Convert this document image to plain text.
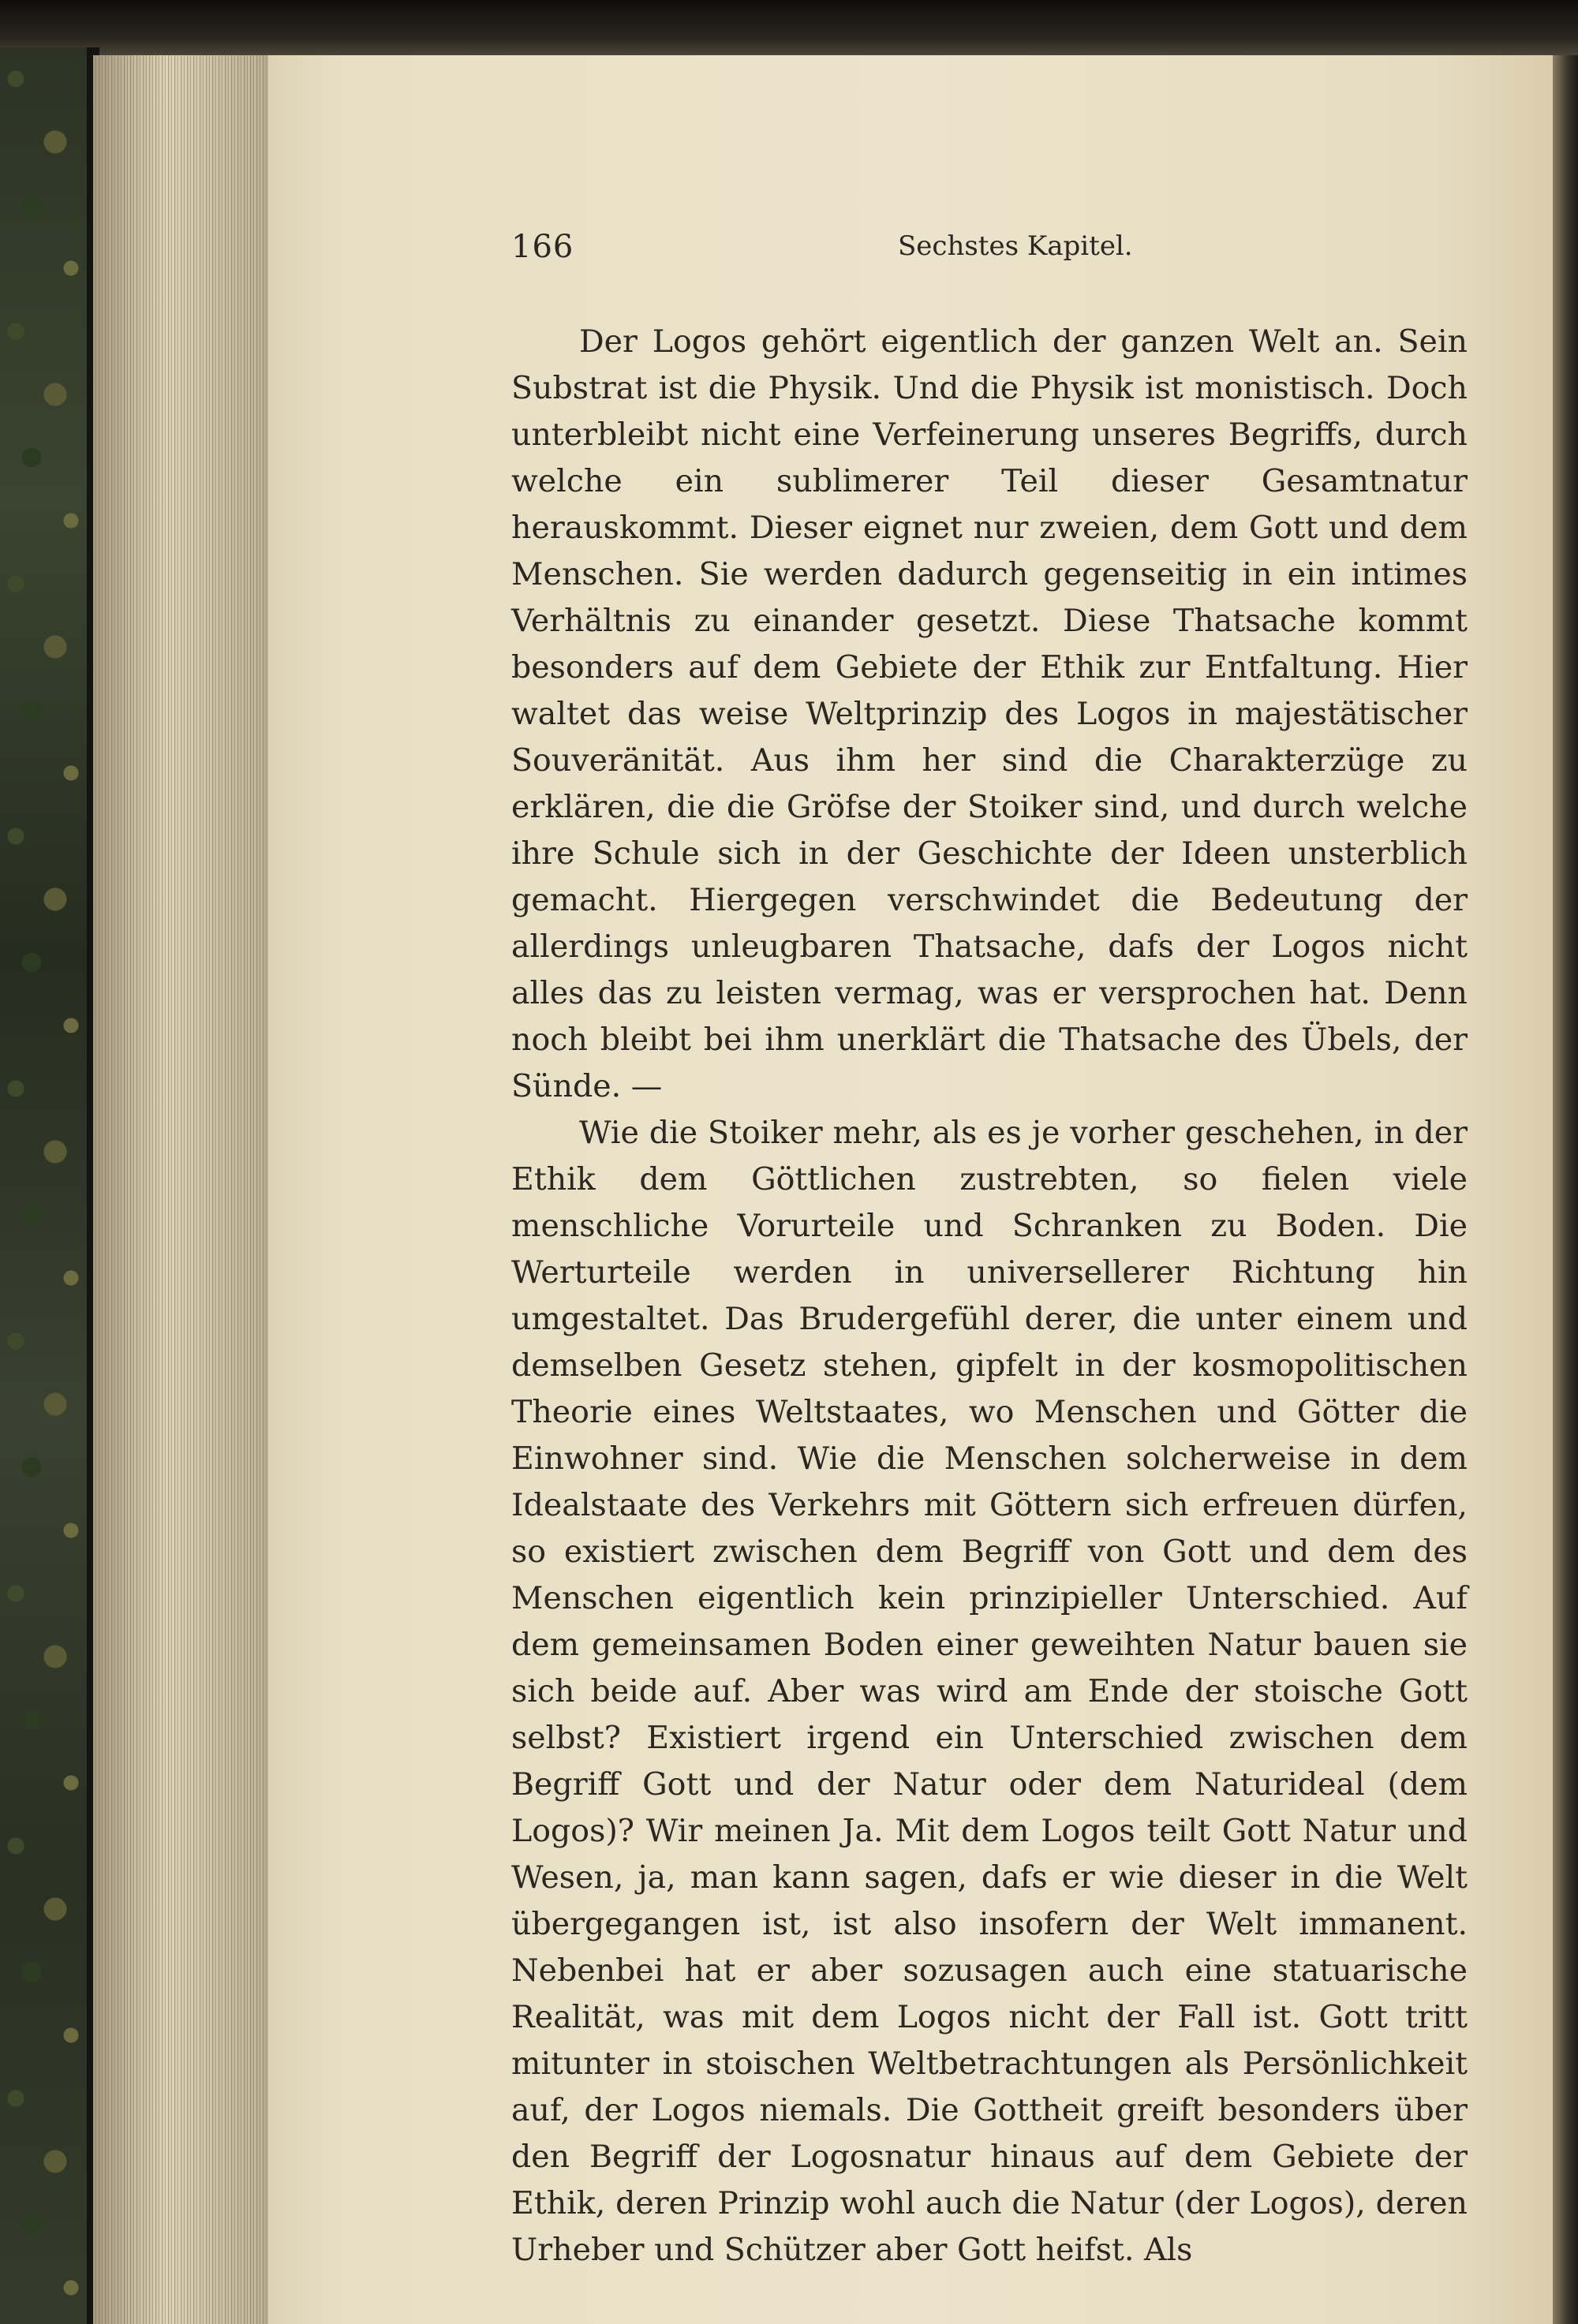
166	Sechstes Kapitel.

Der Logos gehört eigentlich der ganzen Welt an. Sein Substrat ist die Physik. Und die Physik ist monistisch. Doch unterbleibt nicht eine Verfeinerung unseres Begriffs, durch welche ein sublimerer Teil dieser Gesamtnatur herauskommt. Dieser eignet nur zweien, dem Gott und dem Menschen. Sie werden dadurch gegenseitig in ein intimes Verhältnis zu einander gesetzt. Diese Thatsache kommt besonders auf dem Gebiete der Ethik zur Entfaltung. Hier waltet das weise Weltprinzip des Logos in majestätischer Souveränität. Aus ihm her sind die Charakterzüge zu erklären, die die Gröfse der Stoiker sind, und durch welche ihre Schule sich in der Geschichte der Ideen unsterblich gemacht. Hiergegen verschwindet die Bedeutung der allerdings unleugbaren Thatsache, dafs der Logos nicht alles das zu leisten vermag, was er versprochen hat. Denn noch bleibt bei ihm unerklärt die Thatsache des Übels, der Sünde. —

Wie die Stoiker mehr, als es je vorher geschehen, in der Ethik dem Göttlichen zustrebten, so fielen viele menschliche Vorurteile und Schranken zu Boden. Die Werturteile werden in universellerer Richtung hin umgestaltet. Das Brudergefühl derer, die unter einem und demselben Gesetz stehen, gipfelt in der kosmopolitischen Theorie eines Weltstaates, wo Menschen und Götter die Einwohner sind. Wie die Menschen solcherweise in dem Idealstaate des Verkehrs mit Göttern sich erfreuen dürfen, so existiert zwischen dem Begriff von Gott und dem des Menschen eigentlich kein prinzipieller Unterschied. Auf dem gemeinsamen Boden einer geweihten Natur bauen sie sich beide auf. Aber was wird am Ende der stoische Gott selbst? Existiert irgend ein Unterschied zwischen dem Begriff Gott und der Natur oder dem Naturideal (dem Logos)? Wir meinen Ja. Mit dem Logos teilt Gott Natur und Wesen, ja, man kann sagen, dafs er wie dieser in die Welt übergegangen ist, ist also insofern der Welt immanent. Nebenbei hat er aber sozusagen auch eine statuarische Realität, was mit dem Logos nicht der Fall ist. Gott tritt mitunter in stoischen Weltbetrachtungen als Persönlichkeit auf, der Logos niemals. Die Gottheit greift besonders über den Begriff der Logosnatur hinaus auf dem Gebiete der Ethik, deren Prinzip wohl auch die Natur (der Logos), deren Urheber und Schützer aber Gott heifst. Als
